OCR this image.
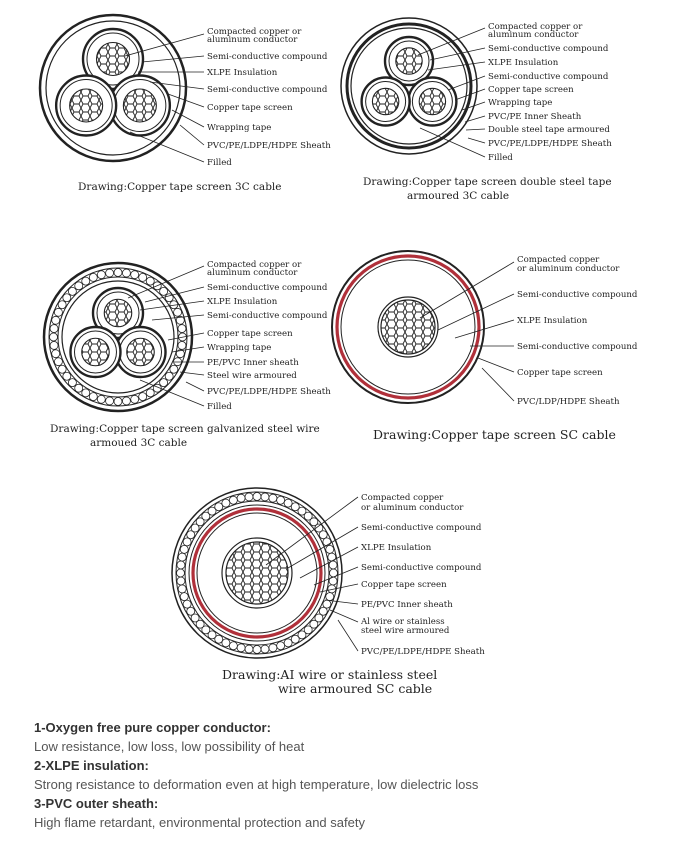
Compacted copper or
aluminum conductor
Semi-conductive compound
XLPE Insulation
Semi-conductive compound
Copper tape screen
Wrapping tape
PVC/PE/LDPE/HDPE Sheath
Filled
Drawing:Copper tape screen 3C cable
Compacted copper or
aluminum conductor
Semi-conductive compound
XLPE Insulation
Semi-conductive compound
Copper tape screen
Wrapping tape
PVC/PE Inner Sheath
Double steel tape armoured
PVC/PE/LDPE/HDPE Sheath
Filled
Drawing:Copper tape screen double steel tape
armoured 3C cable
Compacted copper or
aluminum conductor
Semi-conductive compound
XLPE Insulation
Semi-conductive compound
Copper tape screen
Wrapping tape
PE/PVC Inner sheath
Steel wire armoured
PVC/PE/LDPE/HDPE Sheath
Filled
Drawing:Copper tape screen galvanized steel wire
armoued 3C cable
Compacted copper
or aluminum conductor
Semi-conductive compound
XLPE Insulation
Semi-conductive compound
Copper tape screen
PVC/LDP/HDPE Sheath
Drawing:Copper tape screen SC cable
Compacted copper
or aluminum conductor
Semi-conductive compound
XLPE Insulation
Semi-conductive compound
Copper tape screen
PE/PVC Inner sheath
Al wire or stainless
steel wire armoured
PVC/PE/LDPE/HDPE Sheath
Drawing:AI wire or stainless steel
wire armoured SC cable
1-Oxygen free pure copper conductor:
Low resistance, low loss, low possibility of heat
2-XLPE insulation:
Strong resistance to deformation even at high temperature, low dielectric loss
3-PVC outer sheath:
High flame retardant, environmental protection and safety
